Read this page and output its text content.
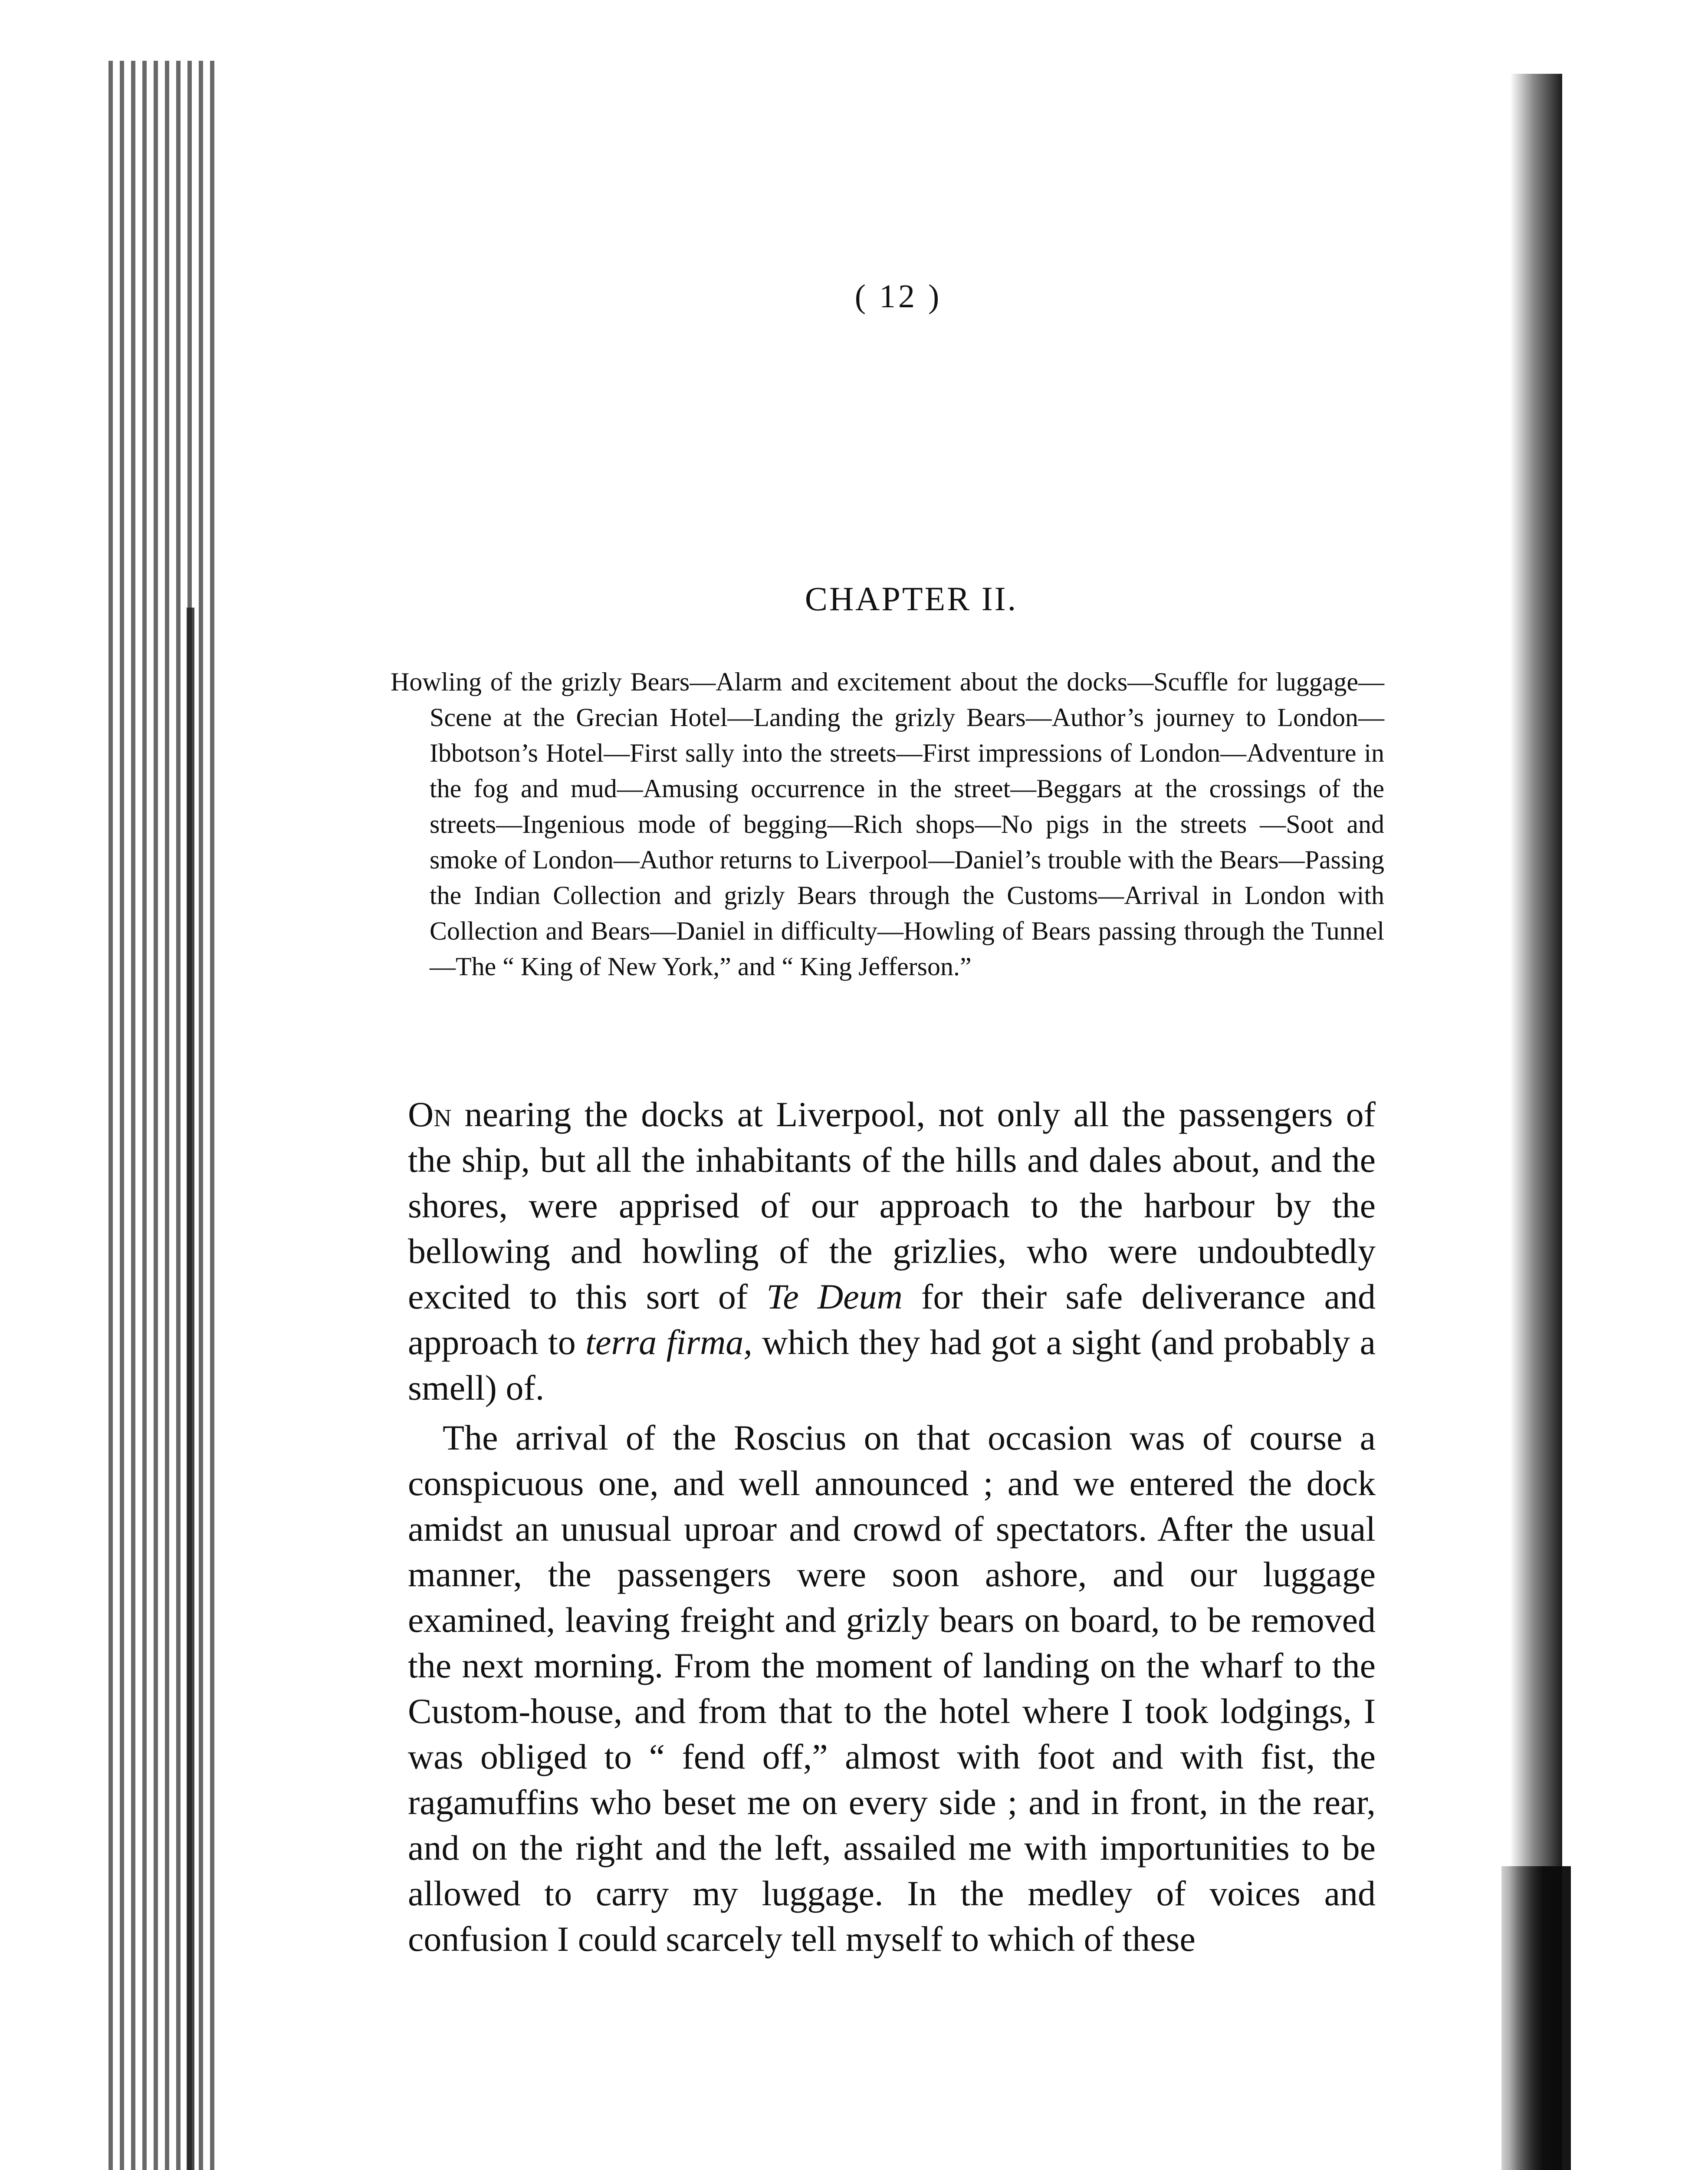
( 12 )
CHAPTER II.
Howling of the grizly Bears—Alarm and excitement about the docks—Scuffle for luggage—Scene at the Grecian Hotel—Landing the grizly Bears—Author’s journey to London—Ibbotson’s Hotel—First sally into the streets—First impressions of London—Adventure in the fog and mud—Amusing occurrence in the street—Beggars at the crossings of the streets—Ingenious mode of begging—Rich shops—No pigs in the streets —Soot and smoke of London—Author returns to Liverpool—Daniel’s trouble with the Bears—Passing the Indian Collection and grizly Bears through the Customs—Arrival in London with Collection and Bears—Daniel in difficulty—Howling of Bears passing through the Tunnel—The “ King of New York,” and “ King Jefferson.”

On nearing the docks at Liverpool, not only all the passengers of the ship, but all the inhabitants of the hills and dales about, and the shores, were apprised of our approach to the harbour by the bellowing and howling of the grizlies, who were undoubtedly excited to this sort of Te Deum for their safe deliverance and approach to terra firma, which they had got a sight (and probably a smell) of.

The arrival of the Roscius on that occasion was of course a conspicuous one, and well announced ; and we entered the dock amidst an unusual uproar and crowd of spectators. After the usual manner, the passengers were soon ashore, and our luggage examined, leaving freight and grizly bears on board, to be removed the next morning. From the moment of landing on the wharf to the Custom-house, and from that to the hotel where I took lodgings, I was obliged to “ fend off,” almost with foot and with fist, the ragamuffins who beset me on every side ; and in front, in the rear, and on the right and the left, assailed me with importunities to be allowed to carry my luggage. In the medley of voices and confusion I could scarcely tell myself to which of these
